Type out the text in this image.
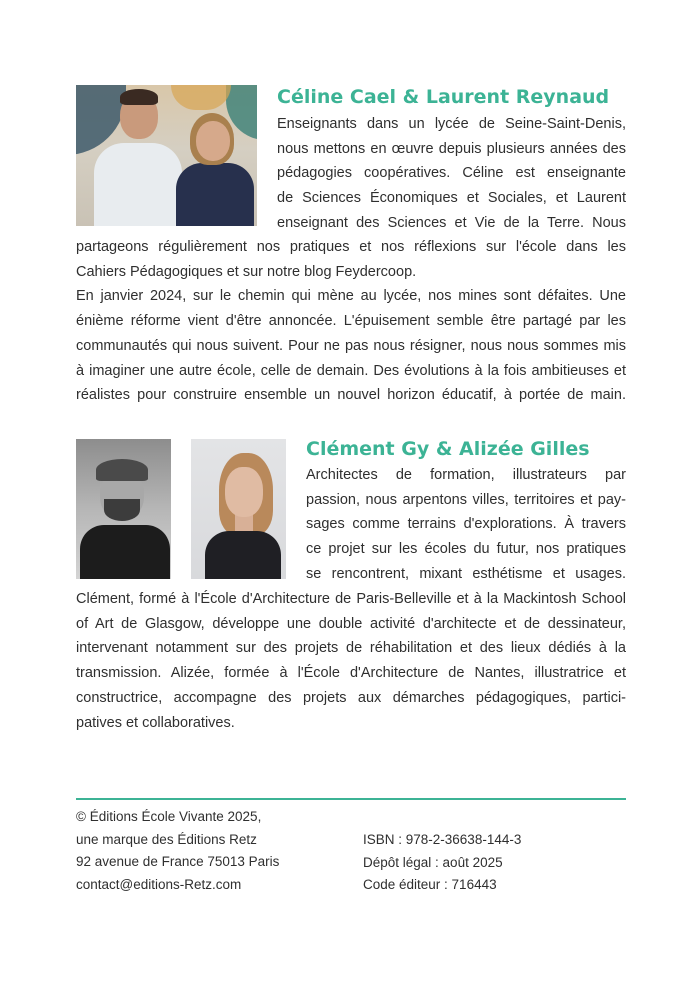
Céline Cael & Laurent Reynaud
Enseignants dans un lycée de Seine-Saint-Denis,
nous mettons en œuvre depuis plusieurs années des
pédagogies coopératives. Céline est enseignante
de Sciences Économiques et Sociales, et Laurent
enseignant des Sciences et Vie de la Terre. Nous
partageons régulièrement nos pratiques et nos réflexions sur l'école dans les
Cahiers Pédagogiques et sur notre blog Feydercoop.
En janvier 2024, sur le chemin qui mène au lycée, nos mines sont défaites. Une
énième réforme vient d'être annoncée. L'épuisement semble être partagé par les
communautés qui nous suivent. Pour ne pas nous résigner, nous nous sommes mis
à imaginer une autre école, celle de demain. Des évolutions à la fois ambitieuses et
réalistes pour construire ensemble un nouvel horizon éducatif, à portée de main.
Clément Gy & Alizée Gilles
Architectes de formation, illustrateurs par
passion, nous arpentons villes, territoires et pay-
sages comme terrains d'explorations. À travers
ce projet sur les écoles du futur, nos pratiques
se rencontrent, mixant esthétisme et usages.
Clément, formé à l'École d'Architecture de Paris-Belleville et à la Mackintosh School
of Art de Glasgow, développe une double activité d'architecte et de dessinateur,
intervenant notamment sur des projets de réhabilitation et des lieux dédiés à la
transmission. Alizée, formée à l'École d'Architecture de Nantes, illustratrice et
constructrice, accompagne des projets aux démarches pédagogiques, partici-
patives et collaboratives.
© Éditions École Vivante 2025,
une marque des Éditions Retz
92 avenue de France 75013 Paris
contact@editions-Retz.com
ISBN : 978-2-36638-144-3
Dépôt légal : août 2025
Code éditeur : 716443
